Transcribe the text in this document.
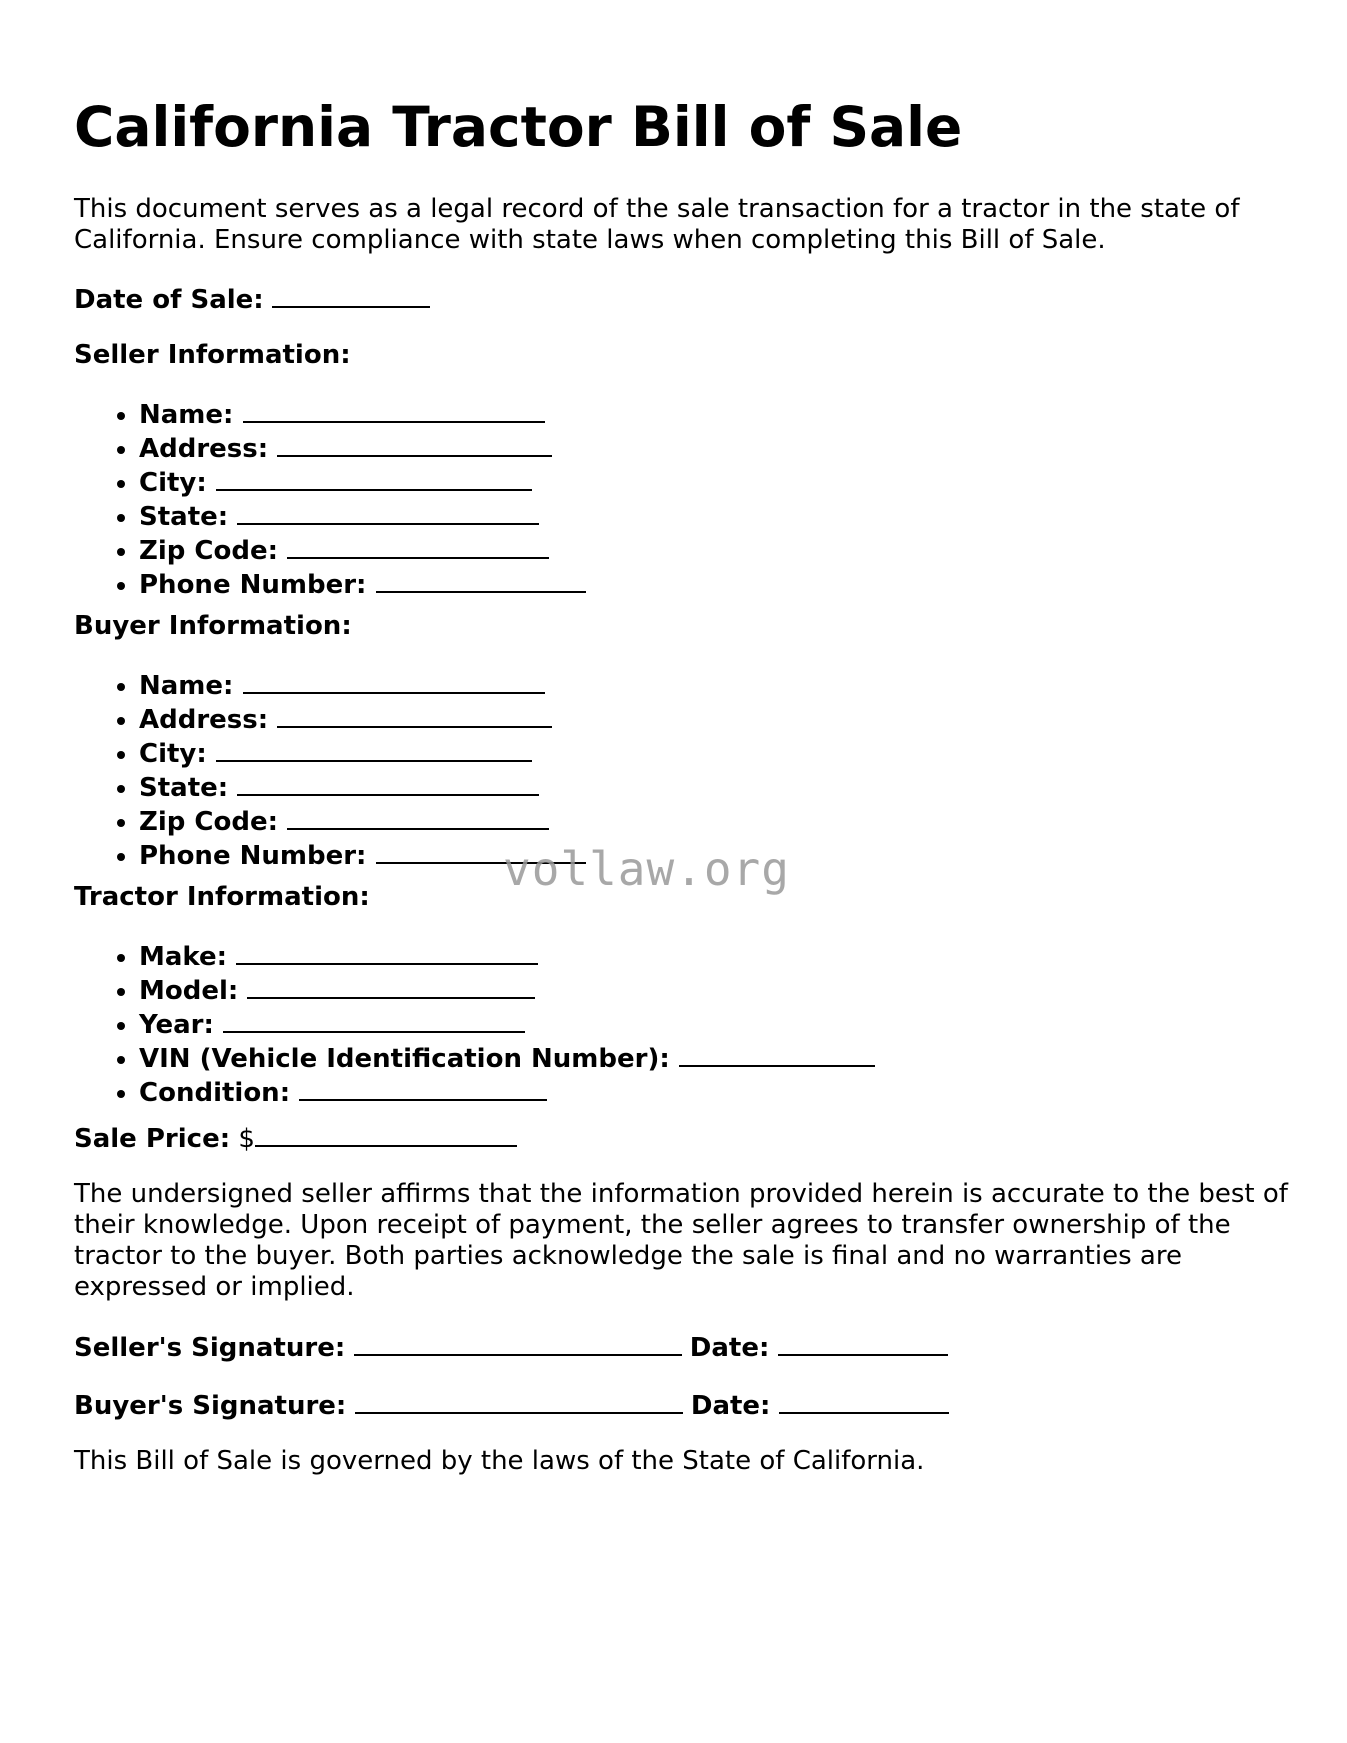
California Tractor Bill of Sale

This document serves as a legal record of the sale transaction for a tractor in the state of California. Ensure compliance with state laws when completing this Bill of Sale.

Date of Sale:

Seller Information:

• Name:
• Address:
• City:
• State:
• Zip Code:
• Phone Number:

Buyer Information:

• Name:
• Address:
• City:
• State:
• Zip Code:
• Phone Number:

Tractor Information:

• Make:
• Model:
• Year:
• VIN (Vehicle Identification Number):
• Condition:

Sale Price: $

The undersigned seller affirms that the information provided herein is accurate to the best of their knowledge. Upon receipt of payment, the seller agrees to transfer ownership of the tractor to the buyer. Both parties acknowledge the sale is final and no warranties are expressed or implied.

Seller's Signature:	Date:

Buyer's Signature:	Date:

This Bill of Sale is governed by the laws of the State of California.

vollaw.org
